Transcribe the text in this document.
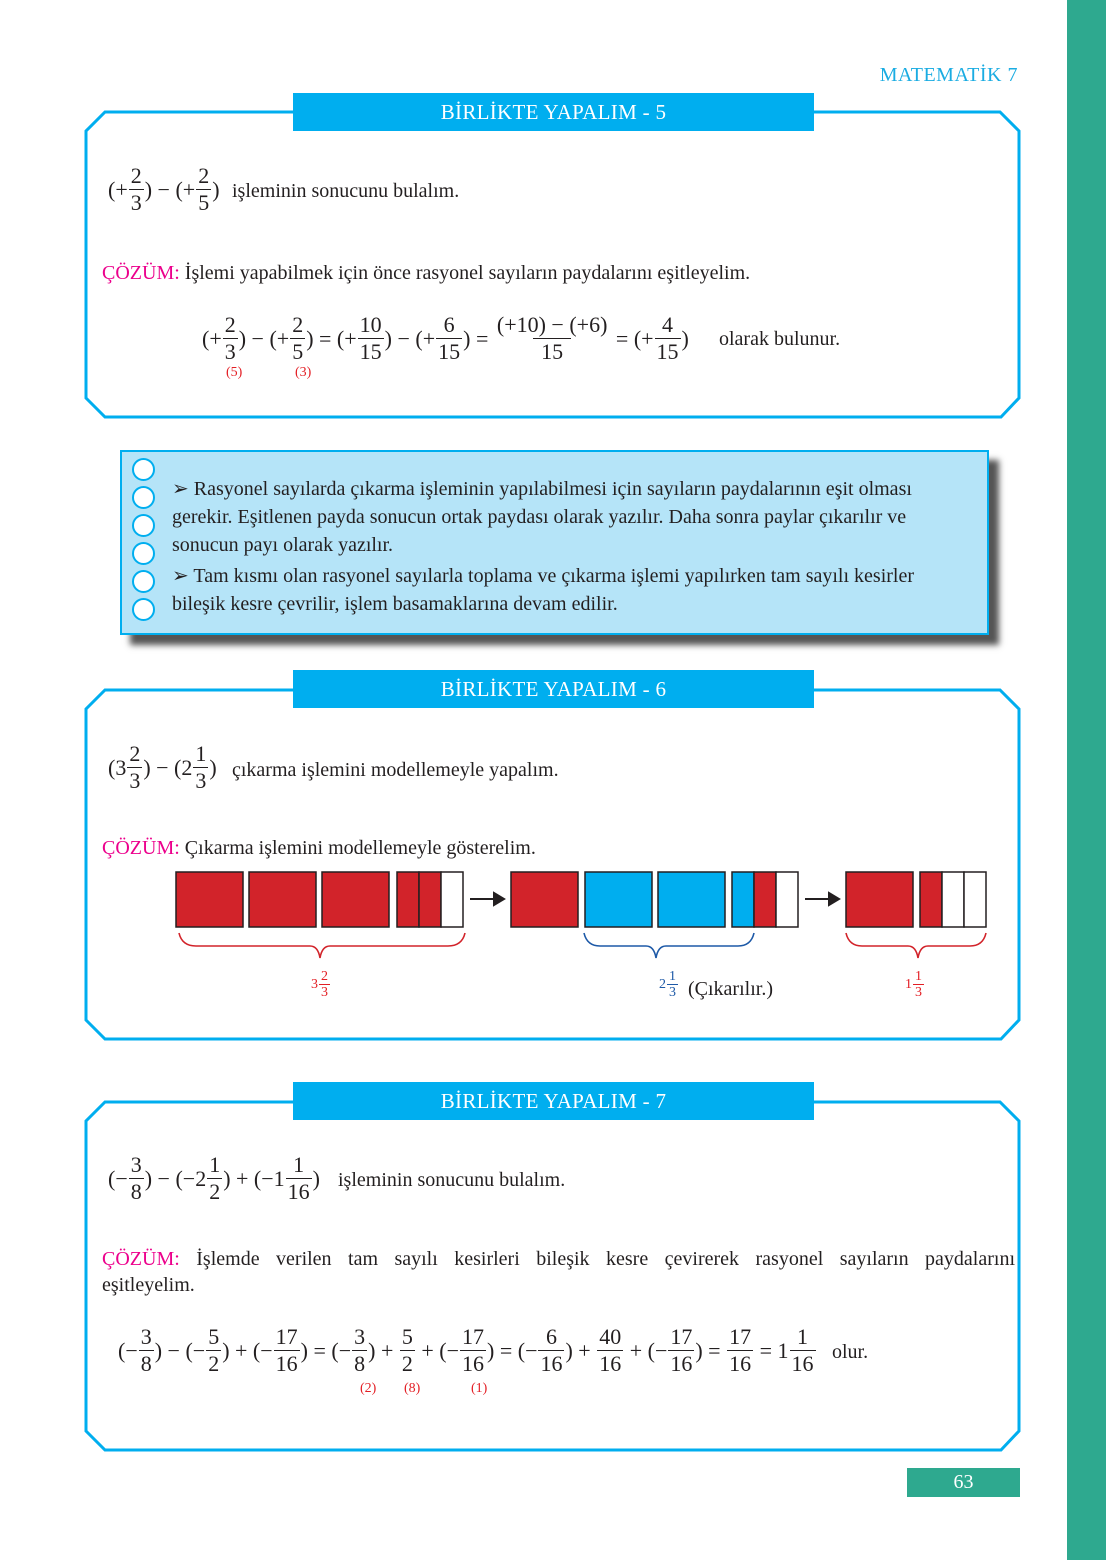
MATEMATİK 7
BİRLİKTE YAPALIM - 5
(+ $\frac{2}{3}$ ) − (+ $\frac{2}{5}$ ) işleminin sonucunu bulalım.
ÇÖZÜM: İşlemi yapabilmek için önce rasyonel sayıların paydalarını eşitleyelim.
(+ $\frac{2}{3}$ ) − (+ $\frac{2}{5}$ ) = (+ $\frac{10}{15}$ ) − (+ $\frac{6}{15}$ ) = $\frac{(+10) - (+6)}{15}$ = (+ $\frac{4}{15}$ ) olarak bulunur.
(5)	(3)
➢ Rasyonel sayılarda çıkarma işleminin yapılabilmesi için sayıların paydalarının eşit olması
gerekir. Eşitlenen payda sonucun ortak paydası olarak yazılır. Daha sonra paylar çıkarılır ve
sonucun payı olarak yazılır.
➢ Tam kısmı olan rasyonel sayılarla toplama ve çıkarma işlemi yapılırken tam sayılı kesirler
bileşik kesre çevrilir, işlem basamaklarına devam edilir.
BİRLİKTE YAPALIM - 6
($3 \frac{2}{3}$ ) − ($2 \frac{1}{3}$ ) çıkarma işlemini modellemeyle yapalım.
ÇÖZÜM: Çıkarma işlemini modellemeyle gösterelim.
$3 \frac{2}{3}$	$2 \frac{1}{3}$ (Çıkarılır.)	$1 \frac{1}{3}$
BİRLİKTE YAPALIM - 7
(− $\frac{3}{8}$ ) − ($-2 \frac{1}{2}$ ) + ($-1 \frac{1}{16}$ ) işleminin sonucunu bulalım.
ÇÖZÜM: İşlemde verilen tam sayılı kesirleri bileşik kesre çevirerek rasyonel sayıların paydalarını
eşitleyelim.
(− $\frac{3}{8}$ ) − (− $\frac{5}{2}$ ) + (− $\frac{17}{16}$ ) = (− $\frac{3}{8}$ ) + $\frac{5}{2}$ + (− $\frac{17}{16}$ ) = (− $\frac{6}{16}$ ) + $\frac{40}{16}$ + (− $\frac{17}{16}$ ) = $\frac{17}{16} = 1 \frac{1}{16}$ olur.
(2) (8)	(1)
63
